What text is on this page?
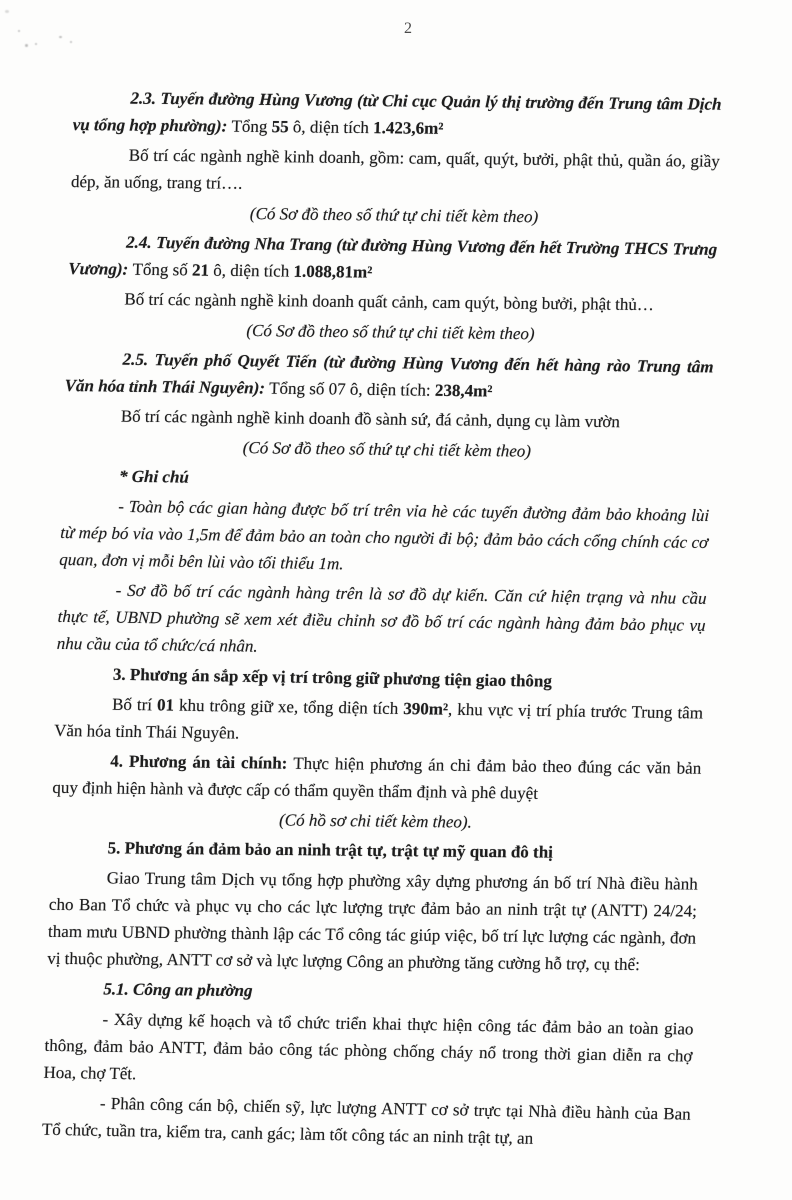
2

2.3. Tuyến đường Hùng Vương (từ Chi cục Quản lý thị trường đến Trung tâm Dịch vụ tổng hợp phường): Tổng 55 ô, diện tích 1.423,6m²

Bố trí các ngành nghề kinh doanh, gồm: cam, quất, quýt, bưởi, phật thủ, quần áo, giầy dép, ăn uống, trang trí….

(Có Sơ đồ theo số thứ tự chi tiết kèm theo)

2.4. Tuyến đường Nha Trang (từ đường Hùng Vương đến hết Trường THCS Trưng Vương): Tổng số 21 ô, diện tích 1.088,81m²

Bố trí các ngành nghề kinh doanh quất cảnh, cam quýt, bòng bưởi, phật thủ…

(Có Sơ đồ theo số thứ tự chi tiết kèm theo)

2.5. Tuyến phố Quyết Tiến (từ đường Hùng Vương đến hết hàng rào Trung tâm Văn hóa tỉnh Thái Nguyên): Tổng số 07 ô, diện tích: 238,4m²

Bố trí các ngành nghề kinh doanh đồ sành sứ, đá cảnh, dụng cụ làm vườn

(Có Sơ đồ theo số thứ tự chi tiết kèm theo)

* Ghi chú

- Toàn bộ các gian hàng được bố trí trên vỉa hè các tuyến đường đảm bảo khoảng lùi từ mép bó vỉa vào 1,5m để đảm bảo an toàn cho người đi bộ; đảm bảo cách cổng chính các cơ quan, đơn vị mỗi bên lùi vào tối thiểu 1m.

- Sơ đồ bố trí các ngành hàng trên là sơ đồ dự kiến. Căn cứ hiện trạng và nhu cầu thực tế, UBND phường sẽ xem xét điều chỉnh sơ đồ bố trí các ngành hàng đảm bảo phục vụ nhu cầu của tổ chức/cá nhân.

3. Phương án sắp xếp vị trí trông giữ phương tiện giao thông

Bố trí 01 khu trông giữ xe, tổng diện tích 390m², khu vực vị trí phía trước Trung tâm Văn hóa tỉnh Thái Nguyên.

4. Phương án tài chính: Thực hiện phương án chi đảm bảo theo đúng các văn bản quy định hiện hành và được cấp có thẩm quyền thẩm định và phê duyệt

(Có hồ sơ chi tiết kèm theo).

5. Phương án đảm bảo an ninh trật tự, trật tự mỹ quan đô thị

Giao Trung tâm Dịch vụ tổng hợp phường xây dựng phương án bố trí Nhà điều hành cho Ban Tổ chức và phục vụ cho các lực lượng trực đảm bảo an ninh trật tự (ANTT) 24/24; tham mưu UBND phường thành lập các Tổ công tác giúp việc, bố trí lực lượng các ngành, đơn vị thuộc phường, ANTT cơ sở và lực lượng Công an phường tăng cường hỗ trợ, cụ thể:

5.1. Công an phường

- Xây dựng kế hoạch và tổ chức triển khai thực hiện công tác đảm bảo an toàn giao thông, đảm bảo ANTT, đảm bảo công tác phòng chống cháy nổ trong thời gian diễn ra chợ Hoa, chợ Tết.

- Phân công cán bộ, chiến sỹ, lực lượng ANTT cơ sở trực tại Nhà điều hành của Ban Tổ chức, tuần tra, kiểm tra, canh gác; làm tốt công tác an ninh trật tự, an
